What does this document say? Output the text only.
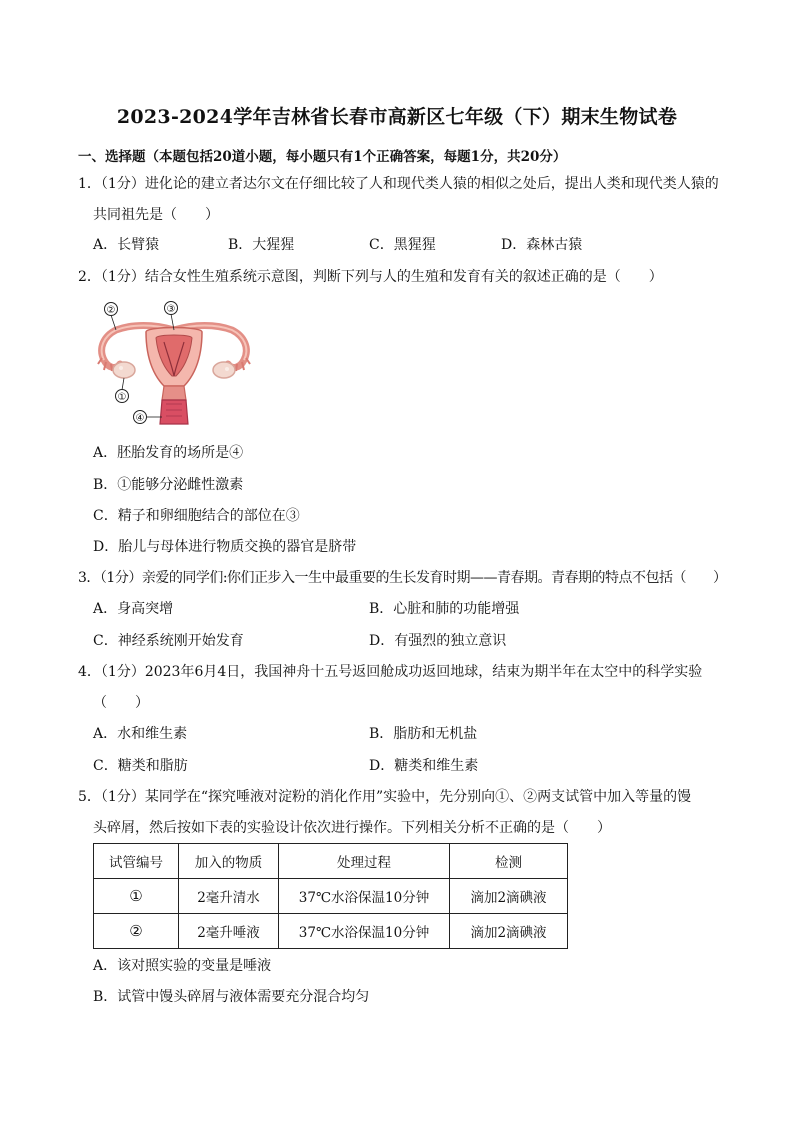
2023-2024学年吉林省长春市高新区七年级（下）期末生物试卷
一、选择题（本题包括20道小题，每小题只有1个正确答案，每题1分，共20分）
1．（1分）进化论的建立者达尔文在仔细比较了人和现代类人猿的相似之处后，提出人类和现代类人猿的
共同祖先是（　　）
A．长臂猿	B．大猩猩	C．黑猩猩	D．森林古猿
2．（1分）结合女性生殖系统示意图，判断下列与人的生殖和发育有关的叙述正确的是（　　）
②	③
①
④
A．胚胎发育的场所是④
B．①能够分泌雌性激素
C．精子和卵细胞结合的部位在③
D．胎儿与母体进行物质交换的器官是脐带
3．（1分）亲爱的同学们:你们正步入一生中最重要的生长发育时期——青春期。青春期的特点不包括（　　）
A．身高突增	B．心脏和肺的功能增强
C．神经系统刚开始发育	D．有强烈的独立意识
4．（1分）2023年6月4日，我国神舟十五号返回舱成功返回地球，结束为期半年在太空中的科学实验
（　　）
A．水和维生素	B．脂肪和无机盐
C．糖类和脂肪	D．糖类和维生素
5．（1分）某同学在“探究唾液对淀粉的消化作用”实验中，先分别向①、②两支试管中加入等量的馒
头碎屑，然后按如下表的实验设计依次进行操作。下列相关分析不正确的是（　　）
试管编号	加入的物质	处理过程	检测
①	2毫升清水	37℃水浴保温10分钟	滴加2滴碘液
②	2毫升唾液	37℃水浴保温10分钟	滴加2滴碘液
A．该对照实验的变量是唾液
B．试管中馒头碎屑与液体需要充分混合均匀
